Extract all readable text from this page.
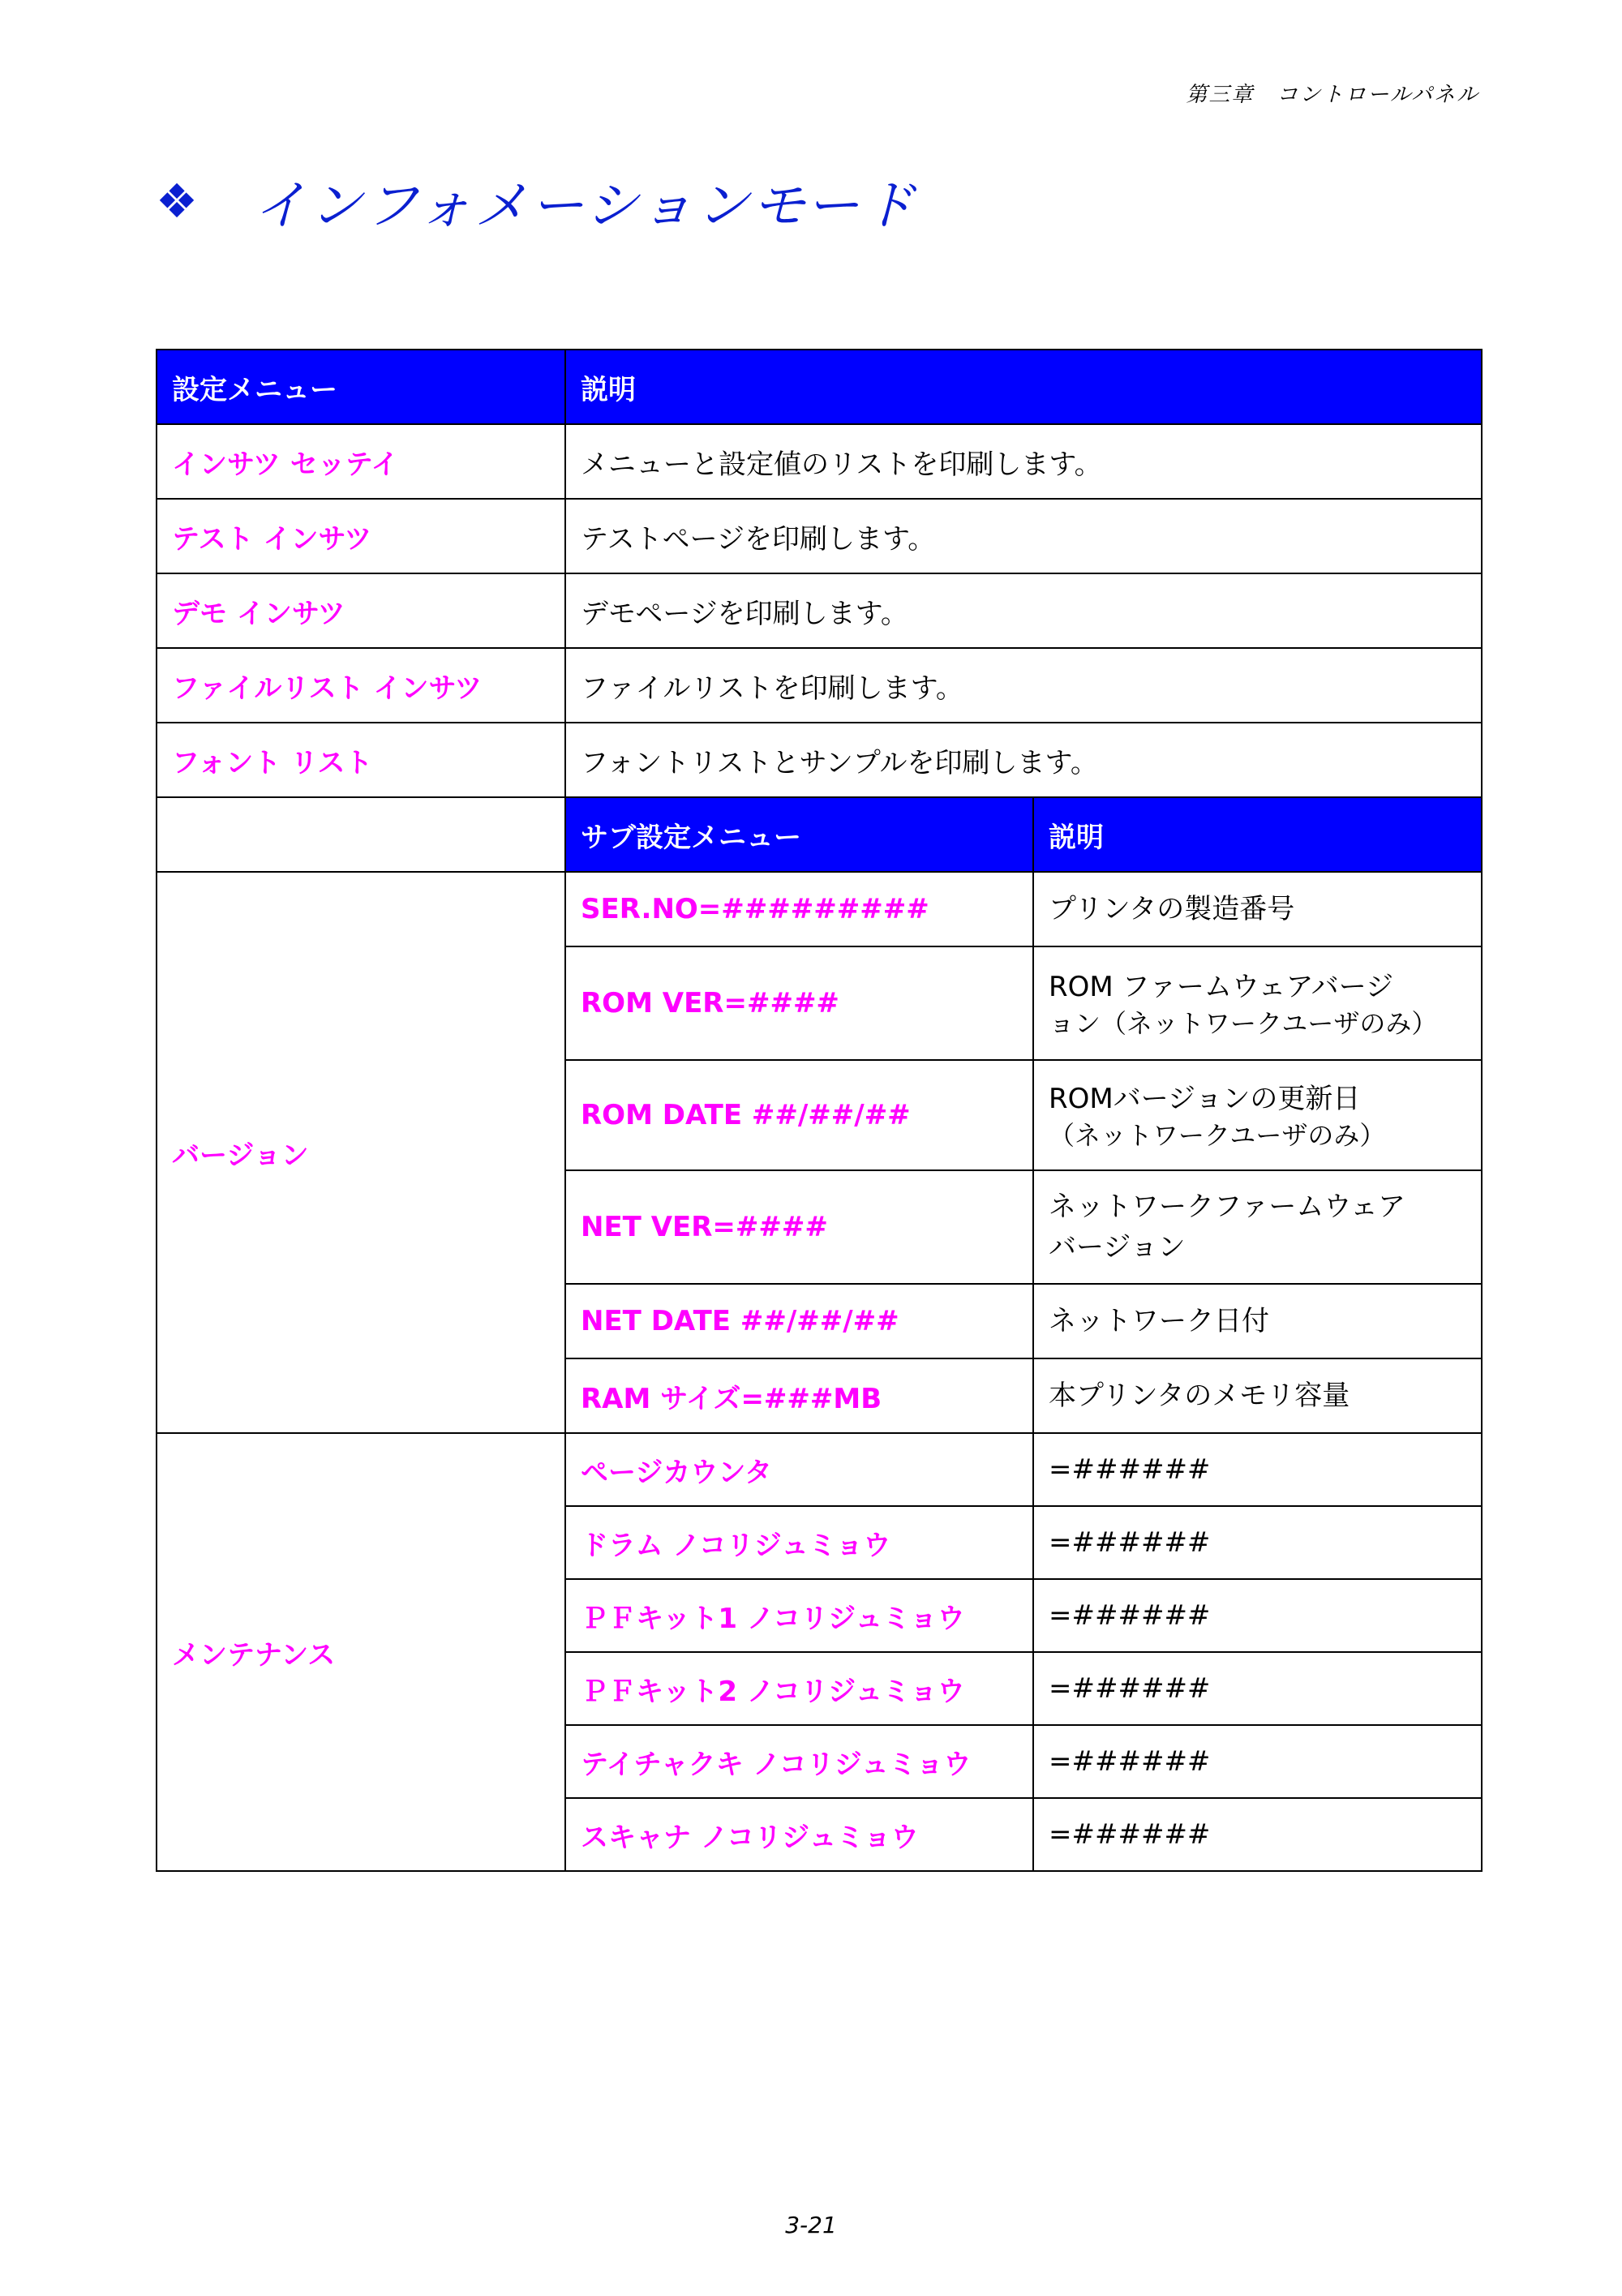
第三章　コントロールパネル
❖	インフォメーションモード
設定メニュー	説明	
インサツ セッテイ	メニューと設定値のリストを印刷します。	
テスト インサツ	テストページを印刷します。	
デモ インサツ	デモページを印刷します。	
ファイルリスト インサツ	ファイルリストを印刷します。	
フォント リスト	フォントリストとサンプルを印刷します。	
	サブ設定メニュー	説明
バージョン	SER.NO=#########	プリンタの製造番号
	ROM VER=####	ROM ファームウェアバージ
ョン（ネットワークユーザのみ）

	ROM DATE ##/##/##	ROMバージョンの更新日
（ネットワークユーザのみ）

	NET VER=####	ネットワークファームウェア
バージョン

	NET DATE ##/##/##	ネットワーク日付
	RAM サイズ=###MB	本プリンタのメモリ容量
メンテナンス	ページカウンタ	=######
	ドラム ノコリジュミョウ	=######
	ＰＦキット1 ノコリジュミョウ	=######
	ＰＦキット2 ノコリジュミョウ	=######
	テイチャクキ ノコリジュミョウ	=######
	スキャナ ノコリジュミョウ	=######
3-21
